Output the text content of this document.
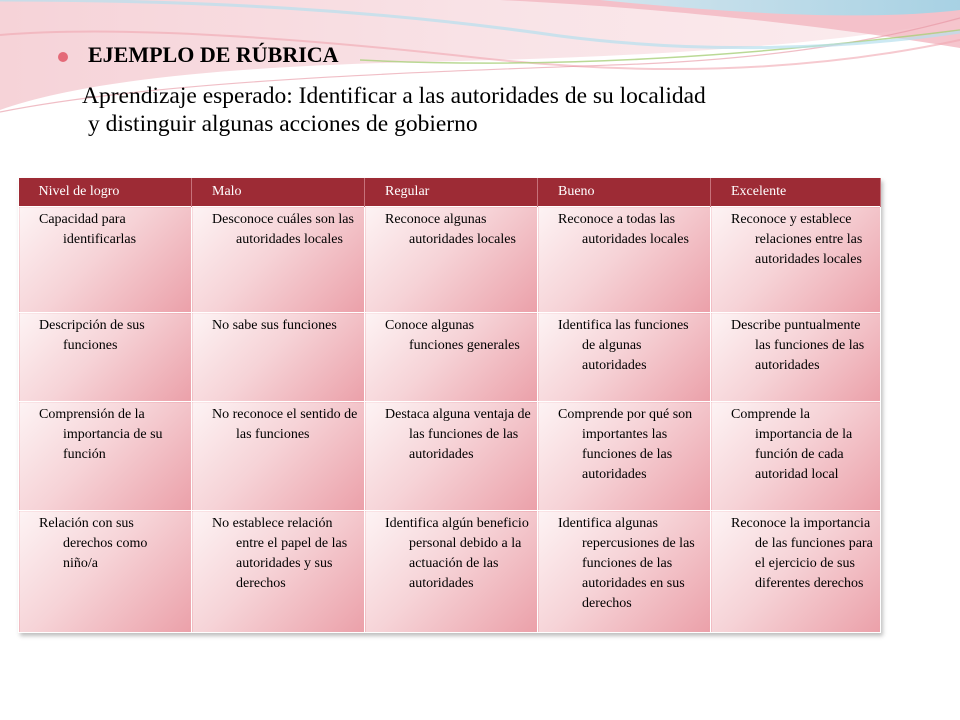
EJEMPLO DE RÚBRICA
Aprendizaje esperado: Identificar a las autoridades de su localidad
y distinguir algunas acciones de gobierno
Nivel de logro	Malo	Regular	Bueno	Excelente

Capacidad para identificarlas	Desconoce cuáles son las autoridades locales	Reconoce algunas autoridades locales	Reconoce a todas las autoridades locales	Reconoce y establece relaciones entre las autoridades locales

Descripción de sus funciones	No sabe sus funciones	Conoce algunas funciones generales	Identifica las funciones de algunas autoridades	Describe puntualmente las funciones de las autoridades

Comprensión de la importancia de su función	No reconoce el sentido de las funciones	Destaca alguna ventaja de las funciones de las autoridades	Comprende por qué son importantes las funciones de las autoridades	Comprende la importancia de la función de cada autoridad local

Relación con sus derechos como niño/a	No establece relación entre el papel de las autoridades y sus derechos	Identifica algún beneficio personal debido a la actuación de las autoridades	Identifica algunas repercusiones de las funciones de las autoridades en sus derechos	Reconoce la importancia de las funciones para el ejercicio de sus diferentes derechos
